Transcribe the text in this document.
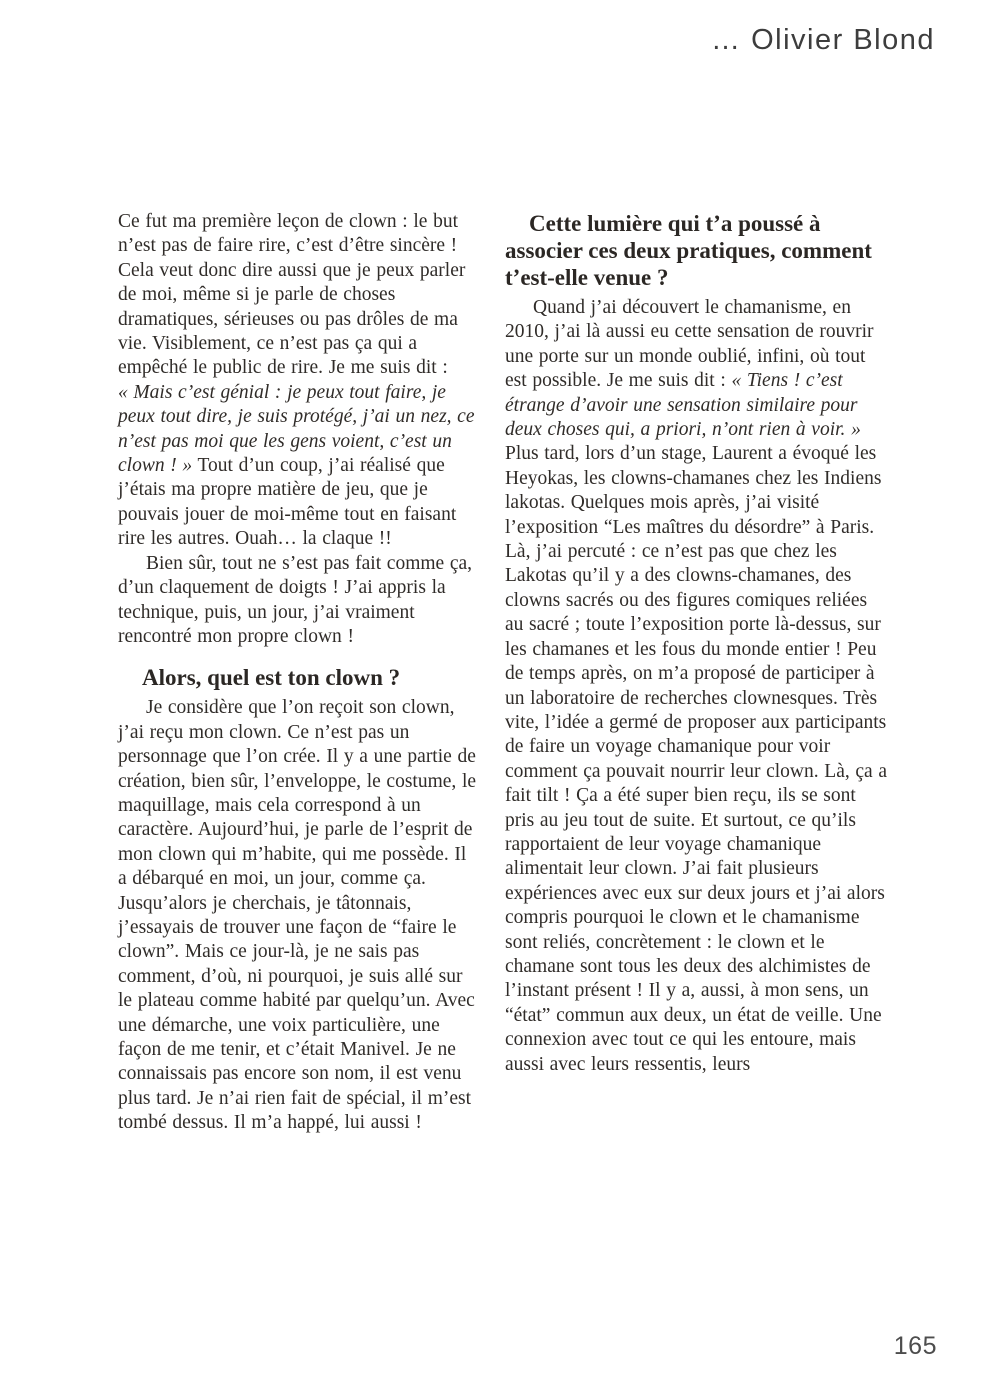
… Olivier Blond

Ce fut ma première leçon de clown : le but n’est pas de faire rire, c’est d’être sincère ! Cela veut donc dire aussi que je peux parler de moi, même si je parle de choses dramatiques, sérieuses ou pas drôles de ma vie. Visiblement, ce n’est pas ça qui a empêché le public de rire. Je me suis dit : « Mais c’est génial : je peux tout faire, je peux tout dire, je suis protégé, j’ai un nez, ce n’est pas moi que les gens voient, c’est un clown ! » Tout d’un coup, j’ai réalisé que j’étais ma propre matière de jeu, que je pouvais jouer de moi-même tout en faisant rire les autres. Ouah… la claque !!

Bien sûr, tout ne s’est pas fait comme ça, d’un claquement de doigts ! J’ai appris la technique, puis, un jour, j’ai vraiment rencontré mon propre clown !

Alors, quel est ton clown ?

Je considère que l’on reçoit son clown, j’ai reçu mon clown. Ce n’est pas un personnage que l’on crée. Il y a une partie de création, bien sûr, l’enveloppe, le costume, le maquillage, mais cela correspond à un caractère. Aujourd’hui, je parle de l’esprit de mon clown qui m’habite, qui me possède. Il a débarqué en moi, un jour, comme ça. Jusqu’alors je cherchais, je tâtonnais, j’essayais de trouver une façon de “faire le clown”. Mais ce jour-là, je ne sais pas comment, d’où, ni pourquoi, je suis allé sur le plateau comme habité par quelqu’un. Avec une démarche, une voix particulière, une façon de me tenir, et c’était Manivel. Je ne connaissais pas encore son nom, il est venu plus tard. Je n’ai rien fait de spécial, il m’est tombé dessus. Il m’a happé, lui aussi !

Cette lumière qui t’a poussé à associer ces deux pratiques, comment t’est-elle venue ?

Quand j’ai découvert le chamanisme, en 2010, j’ai là aussi eu cette sensation de rouvrir une porte sur un monde oublié, infini, où tout est possible. Je me suis dit : « Tiens ! c’est étrange d’avoir une sensation similaire pour deux choses qui, a priori, n’ont rien à voir. » Plus tard, lors d’un stage, Laurent a évoqué les Heyokas, les clowns-chamanes chez les Indiens lakotas. Quelques mois après, j’ai visité l’exposition “Les maîtres du désordre” à Paris. Là, j’ai percuté : ce n’est pas que chez les Lakotas qu’il y a des clowns-chamanes, des clowns sacrés ou des figures comiques reliées au sacré ; toute l’exposition porte là-dessus, sur les chamanes et les fous du monde entier ! Peu de temps après, on m’a proposé de participer à un laboratoire de recherches clownesques. Très vite, l’idée a germé de proposer aux participants de faire un voyage chamanique pour voir comment ça pouvait nourrir leur clown. Là, ça a fait tilt ! Ça a été super bien reçu, ils se sont pris au jeu tout de suite. Et surtout, ce qu’ils rapportaient de leur voyage chamanique alimentait leur clown. J’ai fait plusieurs expériences avec eux sur deux jours et j’ai alors compris pourquoi le clown et le chamanisme sont reliés, concrètement : le clown et le chamane sont tous les deux des alchimistes de l’instant présent ! Il y a, aussi, à mon sens, un “état” commun aux deux, un état de veille. Une connexion avec tout ce qui les entoure, mais aussi avec leurs ressentis, leurs

165
